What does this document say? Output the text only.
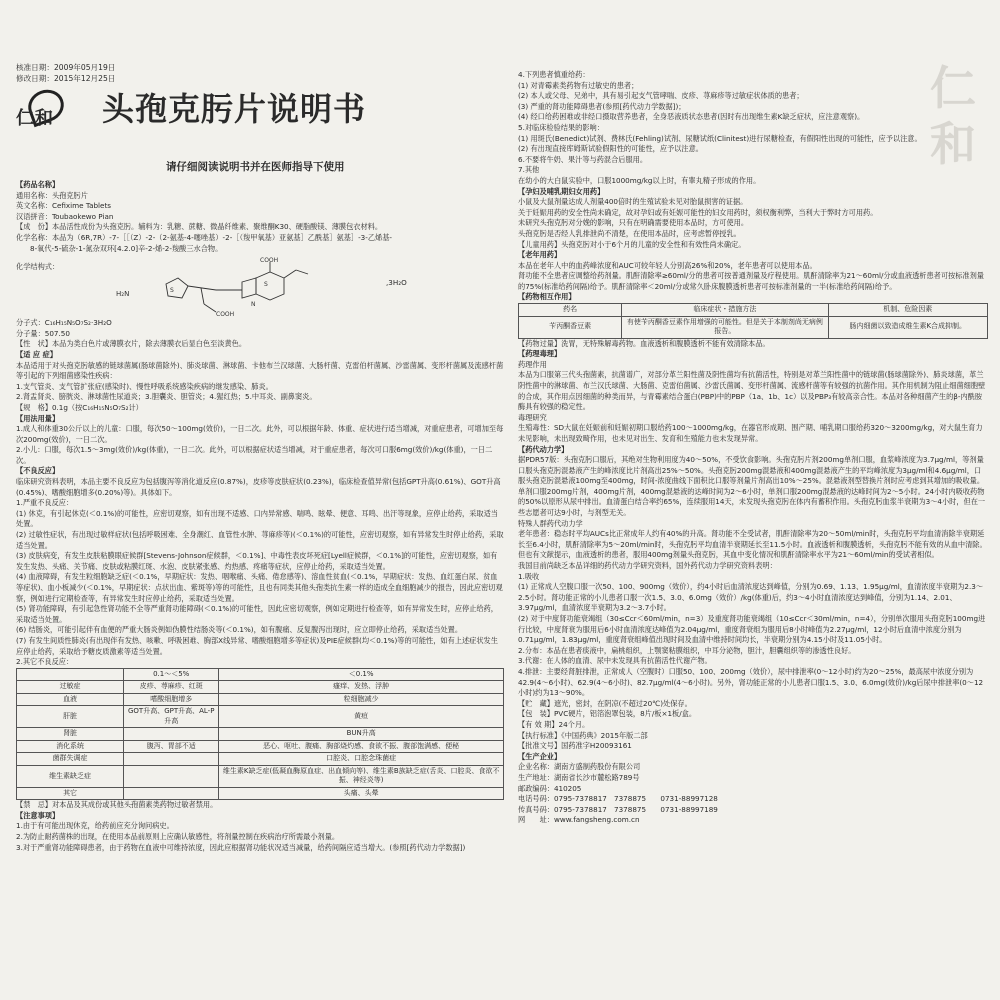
核准日期：2009年05月19日
修改日期：2015年12月25日
仁和 头孢克肟片说明书
请仔细阅读说明书并在医师指导下使用

【药品名称】

通用名称：头孢克肟片

英文名称：Cefixime Tablets

汉语拼音：Toubaokewo Pian

【成　份】本品活性成份为头孢克肟。辅料为：乳糖、蔗糖、微晶纤维素、聚维酮K30、硬脂酸镁、薄膜包衣材料。

化学名称：本品为（6R,7R）-7-［［（Z）-2-（2-氨基-4-噻唑基）-2-［（羧甲氧基）亚氨基］乙酰基］氨基］-3-乙烯基-

8-氧代-5-硫杂-1-氮杂双环[4.2.0]辛-2-烯-2-羧酸三水合物。

化学结构式：
H₂N	S
S
N
COOH
COOH
,3H₂O

分子式：C₁₆H₁₅N₅O₇S₂·3H₂O

分子量：507.50

【性　状】本品为类白色片或薄膜衣片，除去薄膜衣后显白色至淡黄色。

【适 应 症】

本品适用于对头孢克肟敏感的链球菌属(肠球菌除外)、肺炎球菌、淋球菌、卡他布兰汉球菌、大肠杆菌、克雷伯杆菌属、沙雷菌属、变形杆菌属及流感杆菌等引起的下列细菌感染性疾病：

1.支气管炎、支气管扩张症(感染时)、慢性呼吸系统感染疾病的继发感染、肺炎。

2.肾盂肾炎、膀胱炎、淋球菌性尿道炎；3.胆囊炎、胆管炎；4.猩红热；5.中耳炎、副鼻窦炎。

【规　格】0.1g（按C₁₆H₁₅N₅O₇S₂计）

【用法用量】

1.成人和体重30公斤以上的儿童：口服，每次50～100mg(效价)，一日二次。此外，可以根据年龄、体重、症状进行适当增减，对重症患者，可增加至每次200mg(效价)，一日二次。

2.小儿：口服，每次1.5～3mg(效价)/kg(体重)，一日二次。此外，可以根据症状适当增减，对于重症患者，每次可口服6mg(效价)/kg(体重)，一日二次。

【不良反应】

临床研究资料表明，本品主要不良反应为包括腹泻等消化道反应(0.87%)，皮疹等皮肤症状(0.23%)，临床检查值异常(包括GPT升高(0.61%)、GOT升高(0.45%)、嗜酸细胞增多(0.20%)等)。具体如下。

1.严重不良反应：

(1) 休克，有引起休克(＜0.1%)的可能性，应密切观察，如有出现不适感、口内异常感、喘鸣、眩晕、便意、耳鸣、出汗等现象，应停止给药，采取适当处置。

(2) 过敏性症状，有出现过敏样症状(包括呼吸困难、全身潮红、血管性水肿、荨麻疹等)(＜0.1%)的可能性，应密切观察，如有异常发生时停止给药，采取适当处置。

(3) 皮肤病变，有发生皮肤粘膜眼症候群[Stevens-Johnson症候群，＜0.1%]、中毒性表皮坏死症[Lyell症候群，＜0.1%]的可能性，应密切观察，如有发生发热、头痛、关节痛、皮肤或粘膜红斑、水泡、皮肤紧张感、灼热感、疼痛等症状，应停止给药，采取适当处置。

(4) 血液障碍，有发生粒细胞缺乏症(＜0.1%，早期症状：发热、咽喉痛、头痛、倦怠感等)、溶血性贫血(＜0.1%，早期症状：发热、血红蛋白尿、贫血等症状)、血小板减少(＜0.1%，早期症状：点状出血、紫斑等)等的可能性，且也有同类其他头孢类抗生素一样的造成全血细胞减少的报告，因此应密切观察，例如进行定期检查等，有异常发生时应停止给药，采取适当处置。

(5) 肾功能障碍，有引起急性肾功能不全等严重肾功能障碍(＜0.1%)的可能性，因此应密切观察，例如定期进行检查等，如有异常发生时，应停止给药，采取适当处置。

(6) 结肠炎，可能引起伴有血便的严重大肠炎例如伪膜性结肠炎等(＜0.1%)，如有腹痛、反复腹泻出现时，应立即停止给药，采取适当处置。

(7) 有发生间质性肺炎(有出现伴有发热、咳嗽、呼吸困难、胸部X线异常、嗜酸细胞增多等症状)及PIE症候群(均＜0.1%)等的可能性，如有上述症状发生应停止给药，采取给予糖皮质激素等适当处置。

2.其它不良反应：

	0.1～＜5%	＜0.1%
过敏症	皮疹、荨麻疹、红斑	瘙痒、发热、浮肿
血液	嗜酸细胞增多	粒细胞减少
肝脏	GOT升高、GPT升高、AL-P升高	黄疸
肾脏		BUN升高
消化系统	腹泻、胃部不适	恶心、呕吐、腹痛、胸部烧灼感、食欲不振、腹部饱满感、便秘
菌群失调症		口腔炎、口腔念珠菌症
维生素缺乏症		维生素K缺乏症(低凝血酶原血症、出血倾向等)、维生素B族缺乏症(舌炎、口腔炎、食欲不振、神经炎等)
其它		头痛、头晕

【禁　忌】对本品及其成份或其他头孢菌素类药物过敏者禁用。

【注意事项】

1.由于有可能出现休克，给药前应充分询问病史。

2.为防止耐药菌株的出现，在使用本品前原则上应确认敏感性，将剂量控制在疾病治疗所需最小剂量。

3.对于严重肾功能障碍患者，由于药物在血液中可维持浓度，因此应根据肾功能状况适当减量，给药间隔应适当增大。(参照[药代动力学数据])

4.下列患者慎重给药：

(1) 对青霉素类药物有过敏史的患者；

(2) 本人或父母、兄弟中，具有易引起支气管哮喘、皮疹、荨麻疹等过敏症状体质的患者；

(3) 严重的肾功能障碍患者(参照[药代动力学数据])；

(4) 经口给药困难或非经口摄取营养患者，全身恶液质状态患者(因时有出现维生素K缺乏症状，应注意观察)。

5.对临床检验结果的影响：

(1) 用斑氏(Benedict)试剂、费林氏(Fehling)试剂、尿糖试纸(Clinitest)进行尿糖检查，有假阳性出现的可能性，应予以注意。

(2) 有出现直接库姆斯试验假阳性的可能性，应予以注意。

6.不要将牛奶、果汁等与药混合后服用。

7.其他

在幼小的大白鼠实验中，口服1000mg/kg以上时，有睾丸精子形成的作用。

【孕妇及哺乳期妇女用药】

小鼠及大鼠剂量达成人剂量400倍时的生殖试验未见对胎鼠损害的证据。

关于妊娠用药的安全性尚未确定，故对孕妇或有妊娠可能性的妇女用药时，须权衡利弊，当利大于弊时方可用药。

未研究头孢克肟对分娩的影响，只有在明确需要使用本品时，方可使用。

头孢克肟是否经人乳排泄尚不清楚，在使用本品时，应考虑暂停授乳。

【儿童用药】头孢克肟对小于6个月的儿童的安全性和有效性尚未确定。

【老年用药】

本品在老年人中的血药峰浓度和AUC可较年轻人分别高26%和20%，老年患者可以使用本品。

肾功能不全患者应调整给药剂量。肌酐清除率≥60ml/分的患者可按普通剂量及疗程使用。肌酐清除率为21～60ml/分或血液透析患者可按标准剂量的75%(标准给药间隔)给予。肌酐清除率＜20ml/分或常久卧床腹膜透析患者可按标准剂量的一半(标准给药间隔)给予。

【药物相互作用】

药名	临床症状・措施方法	机制、危险因素
苄丙酮香豆素	有使苄丙酮香豆素作用增强的可能性。但是关于本制剂尚无病例报告。	肠内细菌以致造成维生素K合成抑制。

【药物过量】洗胃，无特殊解毒药物。血液透析和腹膜透析不能有效清除本品。

【药理毒理】

药理作用

本品为口服第三代头孢菌素，抗菌谱广，对部分革兰阳性菌及阴性菌均有抗菌活性，特别是对革兰阳性菌中的链球菌(肠球菌除外)、肺炎球菌，革兰阴性菌中的淋球菌、布兰汉氏球菌、大肠菌、克雷伯菌属、沙雷氏菌属、变形杆菌属、流感杆菌等有较强的抗菌作用。其作用机制为阻止细菌细胞壁的合成，其作用点因细菌的种类而异，与青霉素结合蛋白(PBP)中的PBP（1a、1b、1c）以及PBP₃有较高亲合性。本品对各种细菌产生的β-内酰胺酶具有较强的稳定性。

毒理研究

生殖毒性：SD大鼠在妊娠前和妊娠初期口服给药100～1000mg/kg，在器官形成期、围产期、哺乳期口服给药320～3200mg/kg，对大鼠生育力未见影响，未出现致畸作用，也未见对出生、发育和生殖能力也未发现异常。

【药代动力学】

据PDR57版：头孢克肟口服后，其绝对生物利用度为40～50%，不受饮食影响。头孢克肟片剂200mg单剂口服，血浆峰浓度为3.7μg/ml，等剂量口服头孢克肟混悬液产生的峰浓度比片剂高出25%～50%。头孢克肟200mg混悬液和400mg混悬液产生的平均峰浓度为3μg/ml和4.6μg/ml，口服头孢克肟混悬液100mg至400mg，时间-浓度曲线下面积比口服等剂量片剂高出10%～25%。混悬液剂型替换片剂时应考虑到其增加的吸收量。单剂口服200mg片剂，400mg片剂，400mg混悬液的达峰时间为2～6小时，单剂口服200mg混悬液的达峰时间为2～5小时。24小时内吸收药物的50%以原形从尿中排出。血清蛋白结合率约65%，连续服用14天，未发现头孢克肟在体内有蓄积作用。头孢克肟血浆半衰期为3～4小时，但在一些志愿者可达9小时，与剂型无关。

特殊人群药代动力学

老年患者：稳态时平均AUCs比正常成年人约有40%的升高。肾功能不全受试者，肌酐清除率为20～50ml/min时，头孢克肟平均血清消除半衰期延长至6.4小时，肌酐清除率为5～20ml/min时，头孢克肟平均血清半衰期延长至11.5小时。血液透析和腹膜透析，头孢克肟不能有效的从血中清除。但也有文献提示，血液透析的患者，服用400mg剂量头孢克肟，其血中变化情况和肌酐清除率水平为21～60ml/min的受试者相似。

我国目前尚缺乏本品详细的药代动力学研究资料，国外药代动力学研究资料表明：

1.吸收

(1) 正常成人空腹口服一次50、100、900mg（效价），约4小时后血清浓度达到峰值，分别为0.69、1.13、1.95μg/ml，血清浓度半衰期为2.3～2.5小时。肾功能正常的小儿患者口服一次1.5、3.0、6.0mg（效价）/kg(体重)后，约3～4小时血清浓度达到峰值，分别为1.14、2.01、3.97μg/ml，血清浓度半衰期为3.2～3.7小时。

(2) 对于中度肾功能衰竭组（30≤Ccr＜60ml/min，n=3）及重度肾功能衰竭组（10≤Ccr＜30ml/min，n=4），分别单次服用头孢克肟100mg进行比较，中度肾衰为服用后6小时血清浓度达峰值为2.04μg/ml，重度肾衰组为服用后8小时峰值为2.27μg/ml，12小时后血清中浓度分别为0.71μg/ml，1.83μg/ml，重度肾衰组峰值出现时间及血清中维持时间均长，半衰期分别为4.15小时及11.05小时。

2.分布：本品在患者痰液中，扁桃组织，上颚窦粘膜组织，中耳分泌物，胆汁，胆囊组织等的渗透性良好。

3.代谢：在人体的血清、尿中未发现具有抗菌活性代谢产物。

4.排泄：主要经肾脏排泄，正常成人（空腹时）口服50、100、200mg（效价），尿中排泄率(0～12小时)约为20～25%，最高尿中浓度分别为42.9(4～6小时)、62.9(4～6小时)、82.7μg/ml(4～6小时)。另外，肾功能正常的小儿患者口服1.5、3.0、6.0mg(效价)/kg后尿中排泄率(0～12小时)约为13～90%。

【贮　藏】遮光，密封，在阴凉(不超过20℃)处保存。

【包　装】PVC硬片，铝箔泡罩包装，8片/板×1板/盒。

【有 效 期】24个月。

【执行标准】《中国药典》2015年版二部

【批准文号】国药准字H20093161

【生产企业】

企业名称：湖南方盛制药股份有限公司

生产地址：湖南省长沙市麓松路789号

邮政编码：410205

电话号码：0795-7378817　7378875　　0731-88997128

传真号码：0795-7378817　7378875　　0731-88997189

网　　址：www.fangsheng.com.cn

仁和
